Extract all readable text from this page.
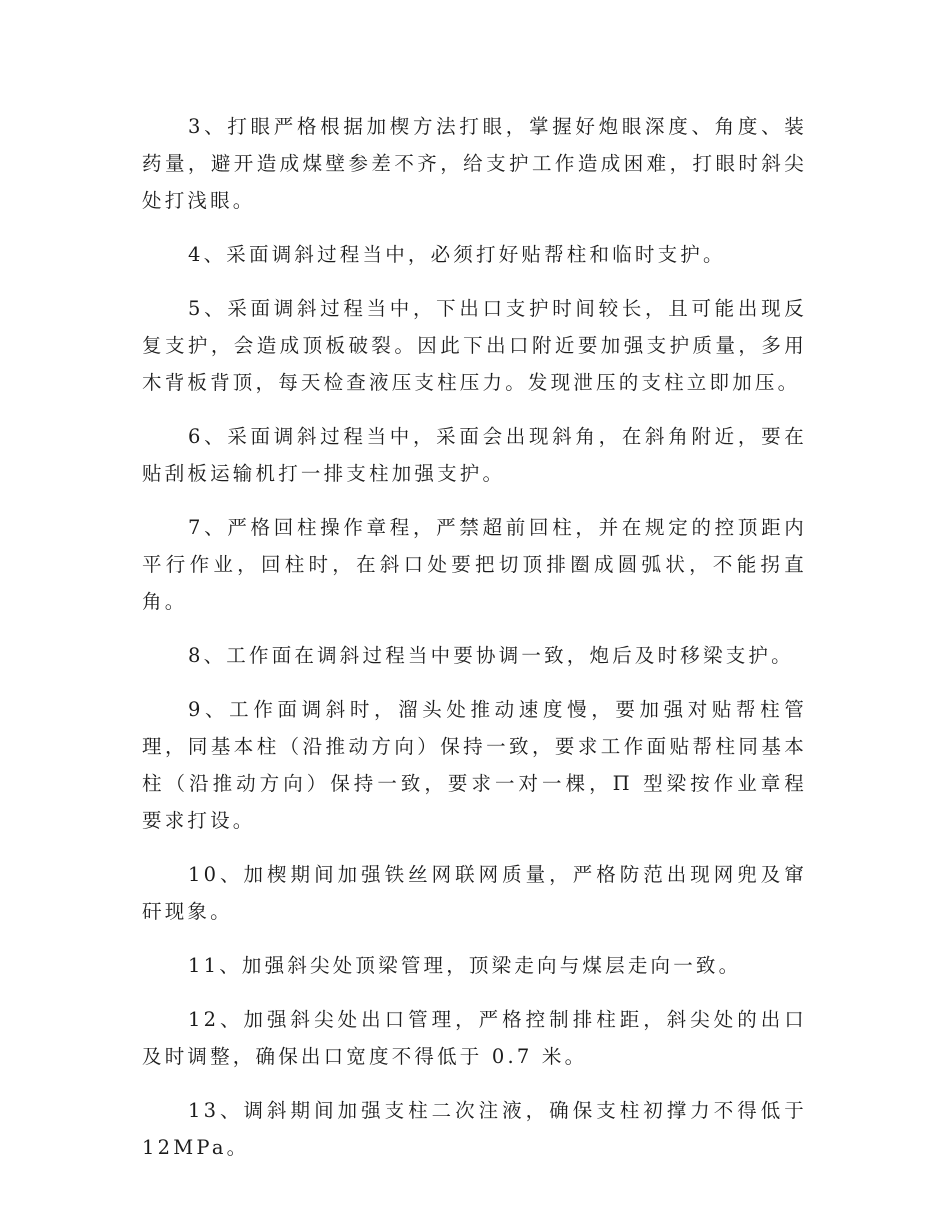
3、打眼严格根据加楔方法打眼，掌握好炮眼深度、角度、装药量，避开造成煤壁参差不齐，给支护工作造成困难，打眼时斜尖处打浅眼。

4、采面调斜过程当中，必须打好贴帮柱和临时支护。

5、采面调斜过程当中，下出口支护时间较长，且可能出现反复支护，会造成顶板破裂。因此下出口附近要加强支护质量，多用木背板背顶，每天检查液压支柱压力。发现泄压的支柱立即加压。

6、采面调斜过程当中，采面会出现斜角，在斜角附近，要在贴刮板运输机打一排支柱加强支护。

7、严格回柱操作章程，严禁超前回柱，并在规定的控顶距内平行作业，回柱时，在斜口处要把切顶排圈成圆弧状，不能拐直角。

8、工作面在调斜过程当中要协调一致，炮后及时移梁支护。

9、工作面调斜时，溜头处推动速度慢，要加强对贴帮柱管理，同基本柱（沿推动方向）保持一致，要求工作面贴帮柱同基本柱（沿推动方向）保持一致，要求一对一棵，Π 型梁按作业章程要求打设。

10、加楔期间加强铁丝网联网质量，严格防范出现网兜及窜矸现象。

11、加强斜尖处顶梁管理，顶梁走向与煤层走向一致。

12、加强斜尖处出口管理，严格控制排柱距，斜尖处的出口及时调整，确保出口宽度不得低于 0.7 米。

13、调斜期间加强支柱二次注液，确保支柱初撑力不得低于12MPa。
